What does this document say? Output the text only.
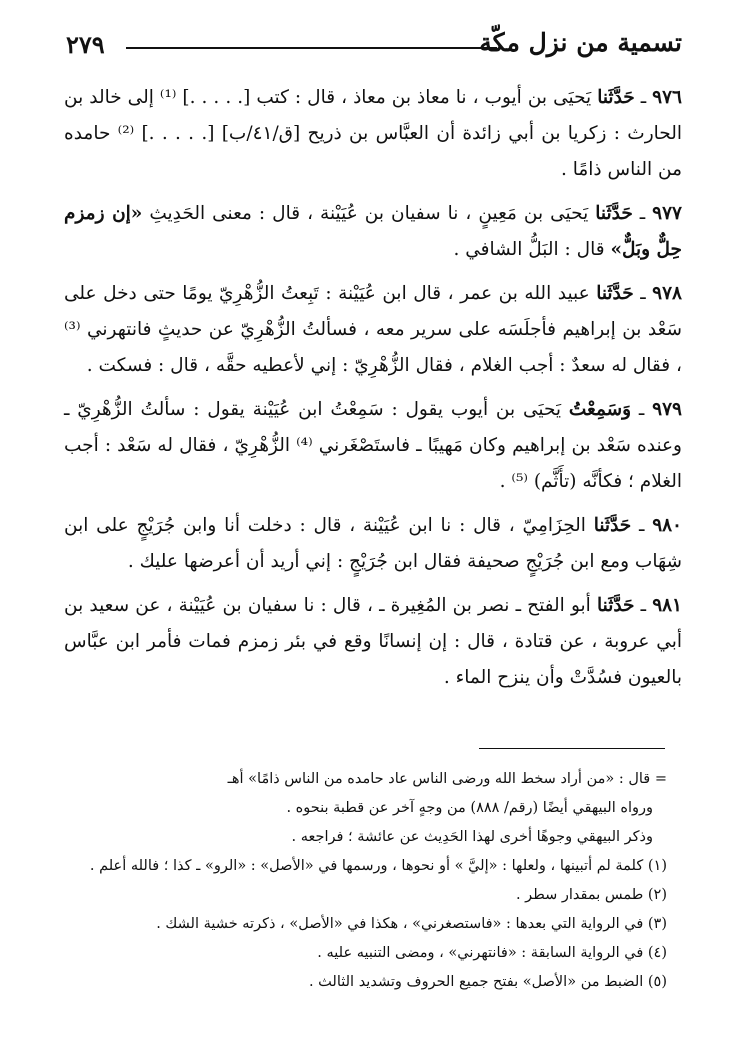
٢٧٩	تسمية من نزل مكّة

٩٧٦ ـ حَدَّثَنا يَحيَى بن أيوب ، نا معاذ بن معاذ ، قال : كتب [. . . . .] ⁽¹⁾ إلى خالد بن الحارث : زكريا بن أبي زائدة أن العبَّاس بن ذريح [ق/٤١/ب] [. . . . .] ⁽²⁾ حامده من الناس ذامًا .

٩٧٧ ـ حَدَّثَنا يَحيَى بن مَعِينٍ ، نا سفيان بن عُيَيْنة ، قال : معنى الحَدِيثِ «إن زمزم حِلٌّ وبَلٌّ» قال : البَلُّ الشافي .

٩٧٨ ـ حَدَّثَنا عبيد الله بن عمر ، قال ابن عُيَيْنة : تَبِعتُ الزُّهْرِيّ يومًا حتى دخل على سَعْد بن إبراهيم فأجلَسَه على سرير معه ، فسألتُ الزُّهْرِيّ عن حديثٍ فانتهرني ⁽³⁾ ، فقال له سعدٌ : أجب الغلام ، فقال الزُّهْرِيّ : إني لأعطيه حقَّه ، قال : فسكت .

٩٧٩ ـ وَسَمِعْتُ يَحيَى بن أيوب يقول : سَمِعْتُ ابن عُيَيْنة يقول : سألتُ الزُّهْرِيّ ـ وعنده سَعْد بن إبراهيم وكان مَهيبًا ـ فاستَصْغَرني ⁽⁴⁾ الزُّهْرِيّ ، فقال له سَعْد : أجب الغلام ؛ فكأنَّه (تأَثَّم) ⁽⁵⁾ .

٩٨٠ ـ حَدَّثَنا الحِزَامِيّ ، قال : نا ابن عُيَيْنة ، قال : دخلت أنا وابن جُرَيْجٍ على ابن شِهَاب ومع ابن جُرَيْجٍ صحيفة فقال ابن جُرَيْجٍ : إني أريد أن أعرضها عليك .

٩٨١ ـ حَدَّثَنا أبو الفتح ـ نصر بن المُغِيرة ـ ، قال : نا سفيان بن عُيَيْنة ، عن سعيد بن أبي عروبة ، عن قتادة ، قال : إن إنسانًا وقع في بئر زمزم فمات فأمر ابن عبَّاس بالعيون فسُدَّتْ وأن ينزح الماء .

= قال : «من أراد سخط الله ورضى الناس عاد حامده من الناس ذامًا» أهـ
ورواه البيهقي أيضًا (رقم/ ٨٨٨) من وجهٍ آخر عن قطبة بنحوه .
وذكر البيهقي وجوهًا أخرى لهذا الحَدِيث عن عائشة ؛ فراجعه .
(١) كلمة لم أتبينها ، ولعلها : «إليَّ » أو نحوها ، ورسمها في «الأصل» : «الرو» ـ كذا ؛ فالله أعلم .
(٢) طمس بمقدار سطر .
(٣) في الرواية التي بعدها : «فاستصغرني» ، هكذا في «الأصل» ، ذكرته خشية الشك .
(٤) في الرواية السابقة : «فانتهرني» ، ومضى التنبيه عليه .
(٥) الضبط من «الأصل» بفتح جميع الحروف وتشديد الثالث .
